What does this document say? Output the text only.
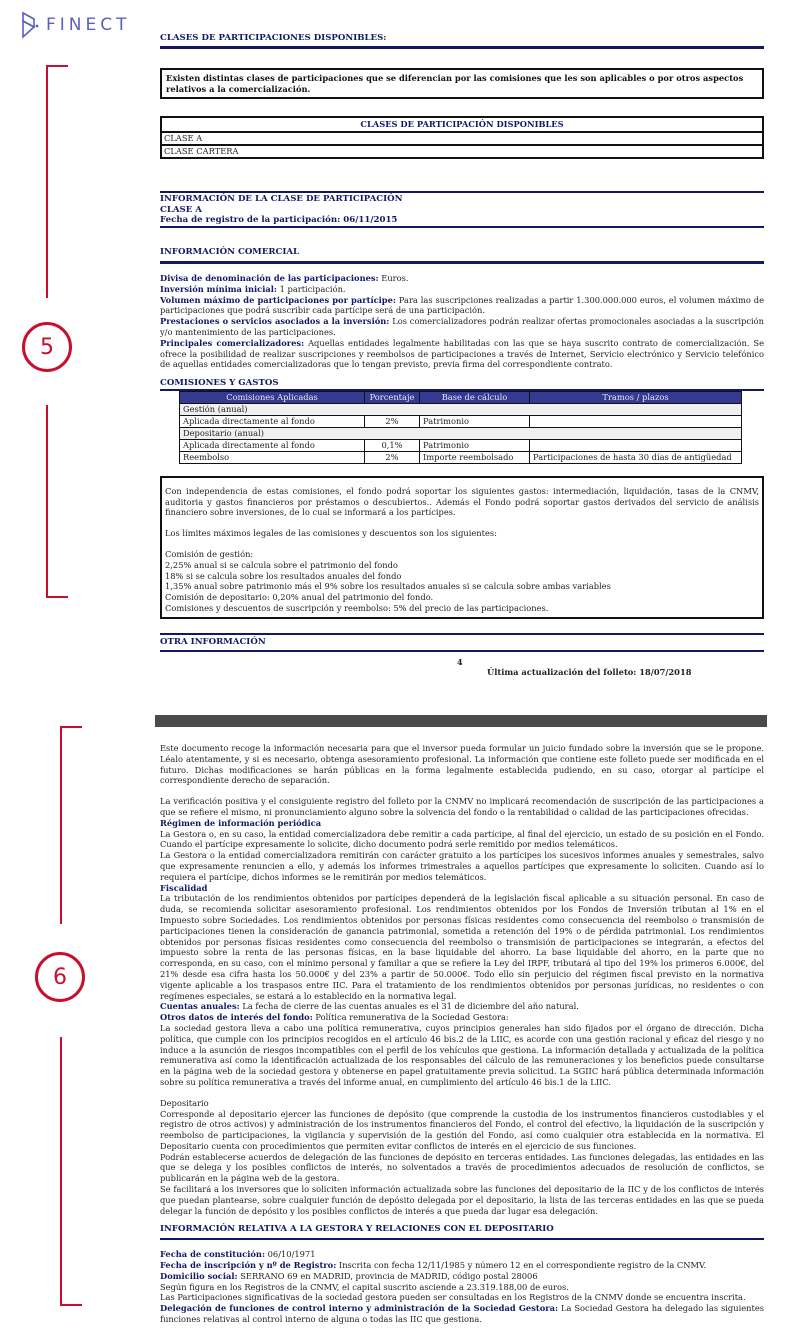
FINECT
5
6
CLASES DE PARTICIPACIONES DISPONIBLES:
Existen distintas clases de participaciones que se diferencian por las comisiones que les son aplicables o por otros aspectos relativos a la comercialización.
CLASES DE PARTICIPACIÓN DISPONIBLES
CLASE A
CLASE CARTERA
INFORMACIÓN DE LA CLASE DE PARTICIPACIÓN
CLASE A
Fecha de registro de la participación: 06/11/2015
INFORMACIÓN COMERCIAL

Divisa de denominación de las participaciones: Euros.

Inversión mínima inicial: 1 participación.

Volumen máximo de participaciones por partícipe: Para las suscripciones realizadas a partir 1.300.000.000 euros, el volumen máximo de participaciones que podrá suscribir cada partícipe será de una participación.

Prestaciones o servicios asociados a la inversión: Los comercializadores podrán realizar ofertas promocionales asociadas a la suscripción y/o mantenimiento de las participaciones.

Principales comercializadores: Aquellas entidades legalmente habilitadas con las que se haya suscrito contrato de comercialización. Se ofrece la posibilidad de realizar suscripciones y reembolsos de participaciones a través de Internet, Servicio electrónico y Servicio telefónico de aquellas entidades comercializadoras que lo tengan previsto, previa firma del correspondiente contrato.

COMISIONES Y GASTOS
Comisiones Aplicadas	Porcentaje	Base de cálculo	Tramos / plazos
Gestión (anual)			
Aplicada directamente al fondo	2%	Patrimonio	
Depositario (anual)			
Aplicada directamente al fondo	0,1%	Patrimonio	
Reembolso	2%	Importe reembolsado	Participaciones de hasta 30 días de antigüedad

Con independencia de estas comisiones, el fondo podrá soportar los siguientes gastos: intermediación, liquidación, tasas de la CNMV, auditoria y gastos financieros por préstamos o descubiertos.. Además el Fondo podrá soportar gastos derivados del servicio de análisis financiero sobre inversiones, de lo cual se informará a los partícipes.

Los límites máximos legales de las comisiones y descuentos son los siguientes:

Comisión de gestión:
2,25% anual si se calcula sobre el patrimonio del fondo
18% si se calcula sobre los resultados anuales del fondo
1,35% anual sobre patrimonio más el 9% sobre los resultados anuales si se calcula sobre ambas variables
Comisión de depositario: 0,20% anual del patrimonio del fondo.
Comisiones y descuentos de suscripción y reembolso: 5% del precio de las participaciones.
OTRA INFORMACIÓN
4
Última actualización del folleto: 18/07/2018

Este documento recoge la información necesaria para que el inversor pueda formular un juicio fundado sobre la inversión que se le propone. Léalo atentamente, y si es necesario, obtenga asesoramiento profesional. La información que contiene este folleto puede ser modificada en el futuro. Dichas modificaciones se harán públicas en la forma legalmente establecida pudiendo, en su caso, otorgar al partícipe el correspondiente derecho de separación.

La verificación positiva y el consiguiente registro del folleto por la CNMV no implicará recomendación de suscripción de las participaciones a que se refiere el mismo, ni pronunciamiento alguno sobre la solvencia del fondo o la rentabilidad o calidad de las participaciones ofrecidas.

Régimen de información periódica

La Gestora o, en su caso, la entidad comercializadora debe remitir a cada partícipe, al final del ejercicio, un estado de su posición en el Fondo. Cuando el partícipe expresamente lo solicite, dicho documento podrá serle remitido por medios telemáticos.

La Gestora o la entidad comercializadora remitirán con carácter gratuito a los partícipes los sucesivos informes anuales y semestrales, salvo que expresamente renuncien a ello, y además los informes trimestrales a aquellos partícipes que expresamente lo soliciten. Cuando así lo requiera el partícipe, dichos informes se le remitirán por medios telemáticos.

Fiscalidad

La tributación de los rendimientos obtenidos por partícipes dependerá de la legislación fiscal aplicable a su situación personal. En caso de duda, se recomienda solicitar asesoramiento profesional. Los rendimientos obtenidos por los Fondos de Inversión tributan al 1% en el Impuesto sobre Sociedades. Los rendimientos obtenidos por personas físicas residentes como consecuencia del reembolso o transmisión de participaciones tienen la consideración de ganancia patrimonial, sometida a retención del 19% o de pérdida patrimonial. Los rendimientos obtenidos por personas físicas residentes como consecuencia del reembolso o transmisión de participaciones se integrarán, a efectos del impuesto sobre la renta de las personas físicas, en la base liquidable del ahorro. La base liquidable del ahorro, en la parte que no corresponda, en su caso, con el mínimo personal y familiar a que se refiere la Ley del IRPF, tributará al tipo del 19% los primeros 6.000€, del 21% desde esa cifra hasta los 50.000€ y del 23% a partir de 50.000€. Todo ello sin perjuicio del régimen fiscal previsto en la normativa vigente aplicable a los traspasos entre IIC. Para el tratamiento de los rendimientos obtenidos por personas jurídicas, no residentes o con regímenes especiales, se estará a lo establecido en la normativa legal.

Cuentas anuales: La fecha de cierre de las cuentas anuales es el 31 de diciembre del año natural.

Otros datos de interés del fondo: Política remunerativa de la Sociedad Gestora:

La sociedad gestora lleva a cabo una política remunerativa, cuyos principios generales han sido fijados por el órgano de dirección. Dicha política, que cumple con los principios recogidos en el artículo 46 bis.2 de la LIIC, es acorde con una gestión racional y eficaz del riesgo y no induce a la asunción de riesgos incompatibles con el perfil de los vehículos que gestiona. La información detallada y actualizada de la política remunerativa así como la identificación actualizada de los responsables del cálculo de las remuneraciones y los beneficios puede consultarse en la página web de la sociedad gestora y obtenerse en papel gratuitamente previa solicitud. La SGIIC hará pública determinada información sobre su política remunerativa a través del informe anual, en cumplimiento del artículo 46 bis.1 de la LIIC.

Depositario

Corresponde al depositario ejercer las funciones de depósito (que comprende la custodia de los instrumentos financieros custodiables y el registro de otros activos) y administración de los instrumentos financieros del Fondo, el control del efectivo, la liquidación de la suscripción y reembolso de participaciones, la vigilancia y supervisión de la gestión del Fondo, así como cualquier otra establecida en la normativa. El Depositario cuenta con procedimientos que permiten evitar conflictos de interés en el ejercicio de sus funciones.

Podrán establecerse acuerdos de delegación de las funciones de depósito en terceras entidades. Las funciones delegadas, las entidades en las que se delega y los posibles conflictos de interés, no solventados a través de procedimientos adecuados de resolución de conflictos, se publicarán en la página web de la gestora.

Se facilitará a los inversores que lo soliciten información actualizada sobre las funciones del depositario de la IIC y de los conflictos de interés que puedan plantearse, sobre cualquier función de depósito delegada por el depositario, la lista de las terceras entidades en las que se pueda delegar la función de depósito y los posibles conflictos de interés a que pueda dar lugar esa delegación.

INFORMACIÓN RELATIVA A LA GESTORA Y RELACIONES CON EL DEPOSITARIO

Fecha de constitución: 06/10/1971

Fecha de inscripción y nº de Registro: Inscrita con fecha 12/11/1985 y número 12 en el correspondiente registro de la CNMV.

Domicilio social: SERRANO 69 en MADRID, provincia de MADRID, código postal 28006

Según figura en los Registros de la CNMV, el capital suscrito asciende a 23.319.188,00 de euros.

Las Participaciones significativas de la sociedad gestora pueden ser consultadas en los Registros de la CNMV donde se encuentra inscrita.

Delegación de funciones de control interno y administración de la Sociedad Gestora: La Sociedad Gestora ha delegado las siguientes funciones relativas al control interno de alguna o todas las IIC que gestiona.
